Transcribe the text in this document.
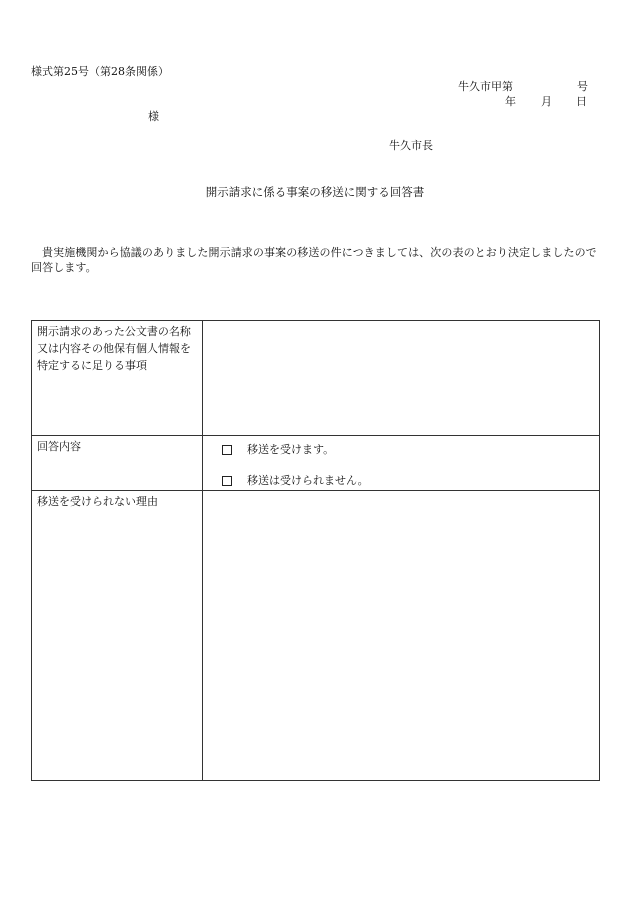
様式第25号（第28条関係）
牛久市甲第	号
年 月 日
様
牛久市長
開示請求に係る事案の移送に関する回答書
貴実施機関から協議のありました開示請求の事案の移送の件につきましては、次の表のとおり決定しましたので回答します。
開示請求のあった公文書の名称又は内容その他保有個人情報を特定するに足りる事項	
回答内容	移送を受けます。
移送は受けられません。

移送を受けられない理由	
